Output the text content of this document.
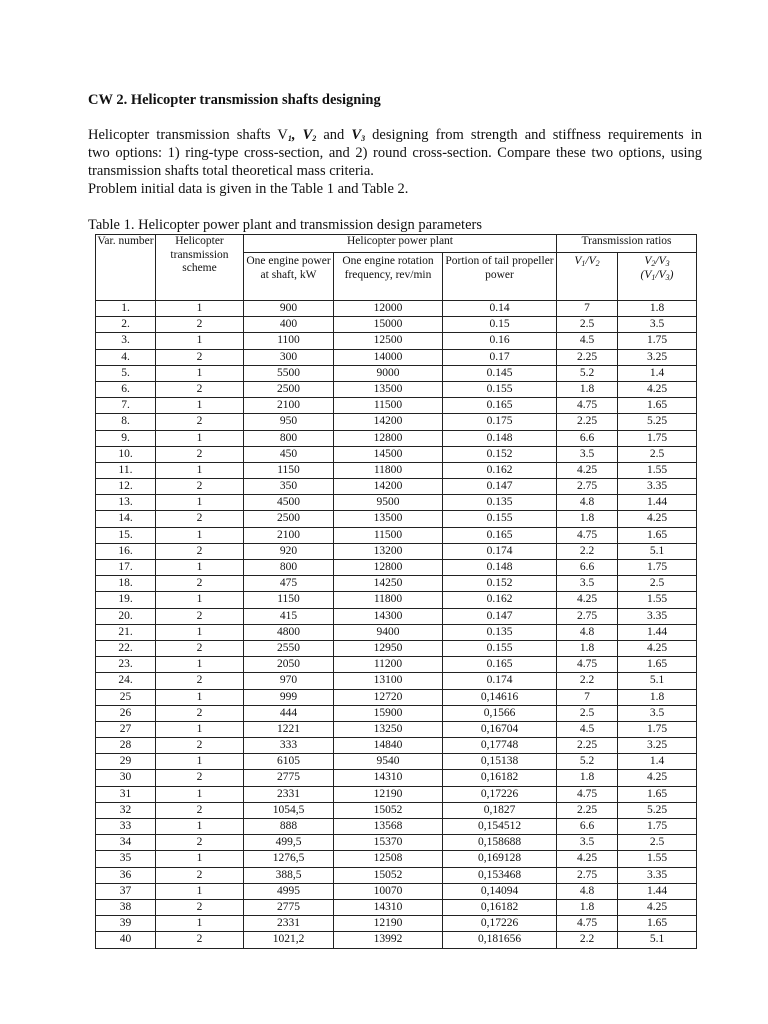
CW 2. Helicopter transmission shafts designing
Helicopter transmission shafts $V_1$, $V_2$ and $V_3$ designing from strength and stiffness requirements in
two options: 1) ring-type cross-section, and 2) round cross-section. Compare these two options, using
transmission shafts total theoretical mass criteria.
Problem initial data is given in the Table 1 and Table 2.
Table 1. Helicopter power plant and transmission design parameters
Var. number	Helicopter transmission scheme	Helicopter power plant			Transmission ratios	
		One engine power at shaft, kW	One engine rotation frequency, rev/min	Portion of tail propeller power	$V_1/V_2$	$V_2/V_3$
$(V_1/V_3)$
1.	1	900	12000	0.14	7	1.8
2.	2	400	15000	0.15	2.5	3.5
3.	1	1100	12500	0.16	4.5	1.75
4.	2	300	14000	0.17	2.25	3.25
5.	1	5500	9000	0.145	5.2	1.4
6.	2	2500	13500	0.155	1.8	4.25
7.	1	2100	11500	0.165	4.75	1.65
8.	2	950	14200	0.175	2.25	5.25
9.	1	800	12800	0.148	6.6	1.75
10.	2	450	14500	0.152	3.5	2.5
11.	1	1150	11800	0.162	4.25	1.55
12.	2	350	14200	0.147	2.75	3.35
13.	1	4500	9500	0.135	4.8	1.44
14.	2	2500	13500	0.155	1.8	4.25
15.	1	2100	11500	0.165	4.75	1.65
16.	2	920	13200	0.174	2.2	5.1
17.	1	800	12800	0.148	6.6	1.75
18.	2	475	14250	0.152	3.5	2.5
19.	1	1150	11800	0.162	4.25	1.55
20.	2	415	14300	0.147	2.75	3.35
21.	1	4800	9400	0.135	4.8	1.44
22.	2	2550	12950	0.155	1.8	4.25
23.	1	2050	11200	0.165	4.75	1.65
24.	2	970	13100	0.174	2.2	5.1
25	1	999	12720	0,14616	7	1.8
26	2	444	15900	0,1566	2.5	3.5
27	1	1221	13250	0,16704	4.5	1.75
28	2	333	14840	0,17748	2.25	3.25
29	1	6105	9540	0,15138	5.2	1.4
30	2	2775	14310	0,16182	1.8	4.25
31	1	2331	12190	0,17226	4.75	1.65
32	2	1054,5	15052	0,1827	2.25	5.25
33	1	888	13568	0,154512	6.6	1.75
34	2	499,5	15370	0,158688	3.5	2.5
35	1	1276,5	12508	0,169128	4.25	1.55
36	2	388,5	15052	0,153468	2.75	3.35
37	1	4995	10070	0,14094	4.8	1.44
38	2	2775	14310	0,16182	1.8	4.25
39	1	2331	12190	0,17226	4.75	1.65
40	2	1021,2	13992	0,181656	2.2	5.1
